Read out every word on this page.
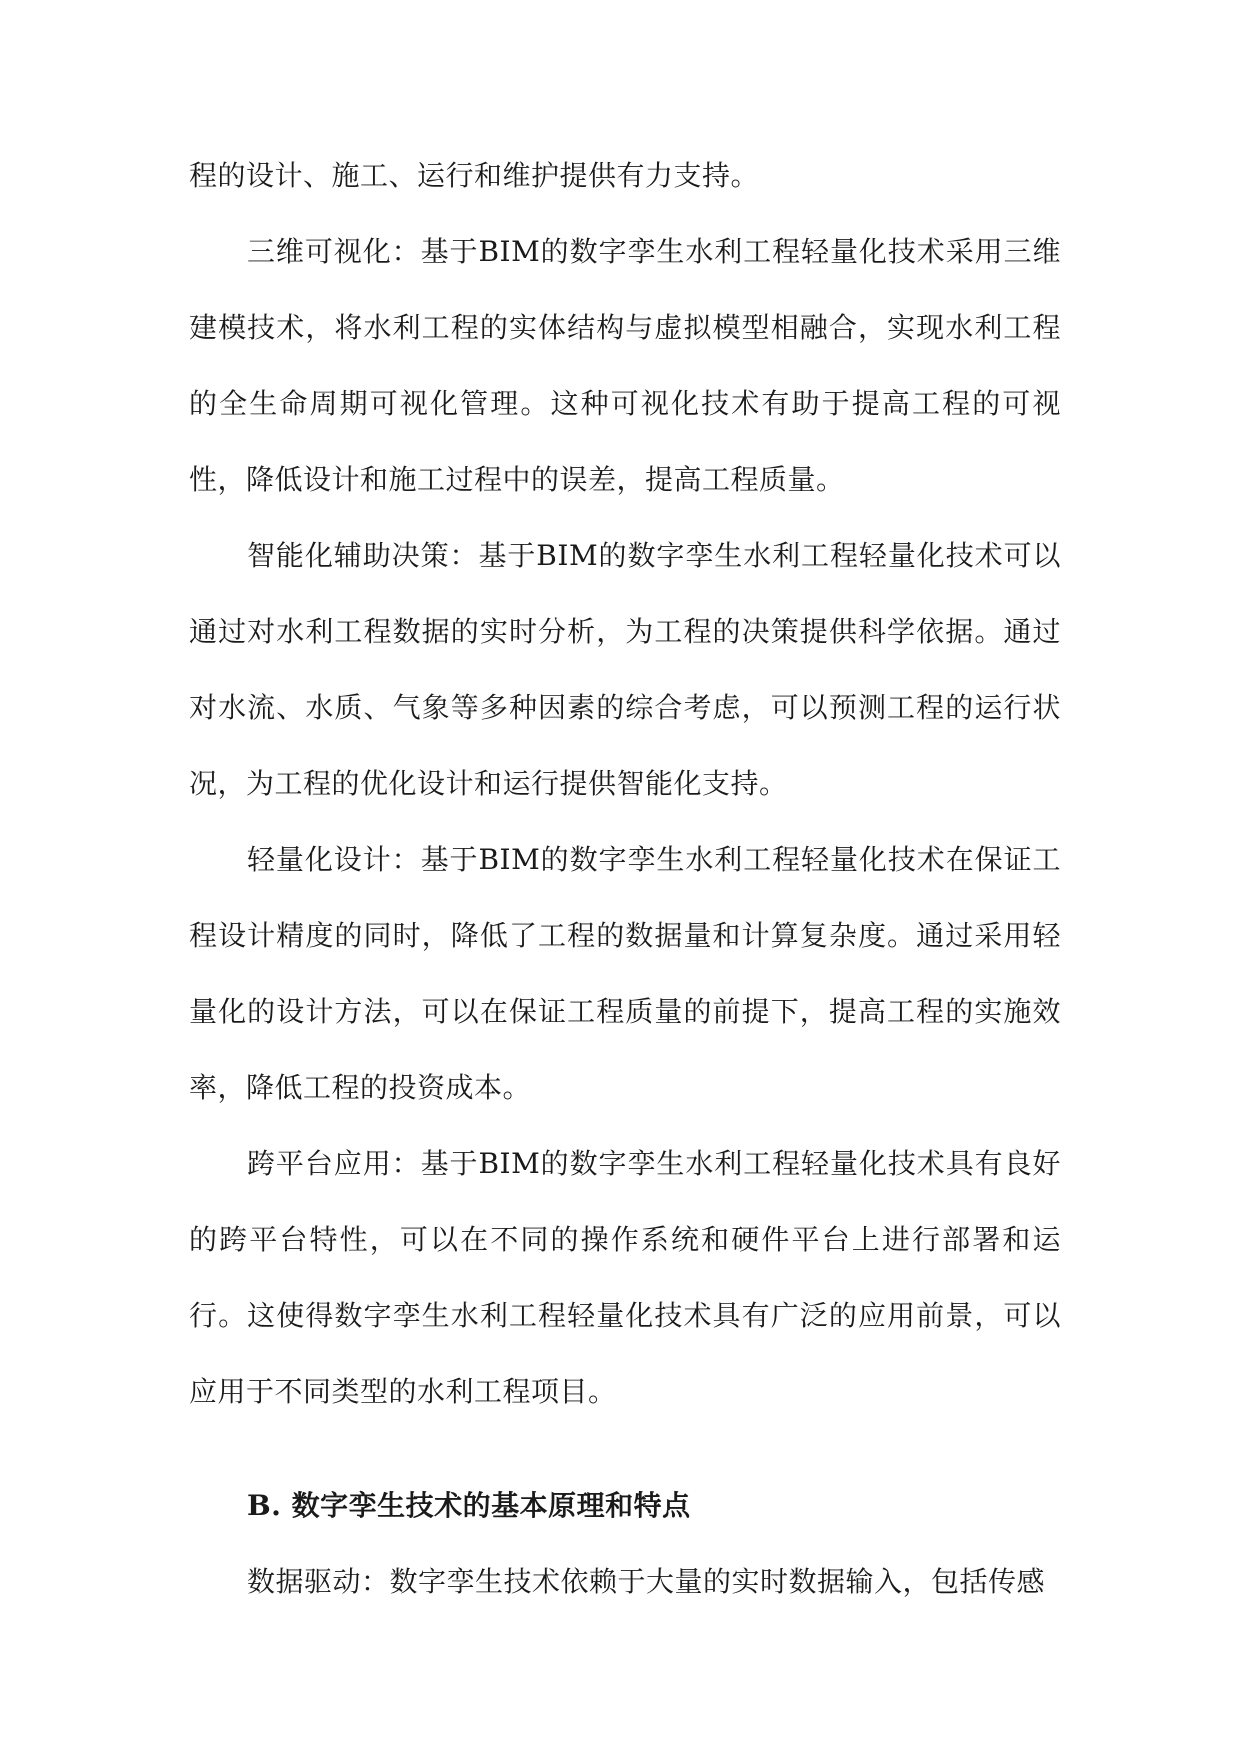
程的设计、施工、运行和维护提供有力支持。

三维可视化：基于BIM的数字孪生水利工程轻量化技术采用三维建模技术，将水利工程的实体结构与虚拟模型相融合，实现水利工程的全生命周期可视化管理。这种可视化技术有助于提高工程的可视性，降低设计和施工过程中的误差，提高工程质量。

智能化辅助决策：基于BIM的数字孪生水利工程轻量化技术可以通过对水利工程数据的实时分析，为工程的决策提供科学依据。通过对水流、水质、气象等多种因素的综合考虑，可以预测工程的运行状况，为工程的优化设计和运行提供智能化支持。

轻量化设计：基于BIM的数字孪生水利工程轻量化技术在保证工程设计精度的同时，降低了工程的数据量和计算复杂度。通过采用轻量化的设计方法，可以在保证工程质量的前提下，提高工程的实施效率，降低工程的投资成本。

跨平台应用：基于BIM的数字孪生水利工程轻量化技术具有良好的跨平台特性，可以在不同的操作系统和硬件平台上进行部署和运行。这使得数字孪生水利工程轻量化技术具有广泛的应用前景，可以应用于不同类型的水利工程项目。

B. 数字孪生技术的基本原理和特点

数据驱动：数字孪生技术依赖于大量的实时数据输入，包括传感
